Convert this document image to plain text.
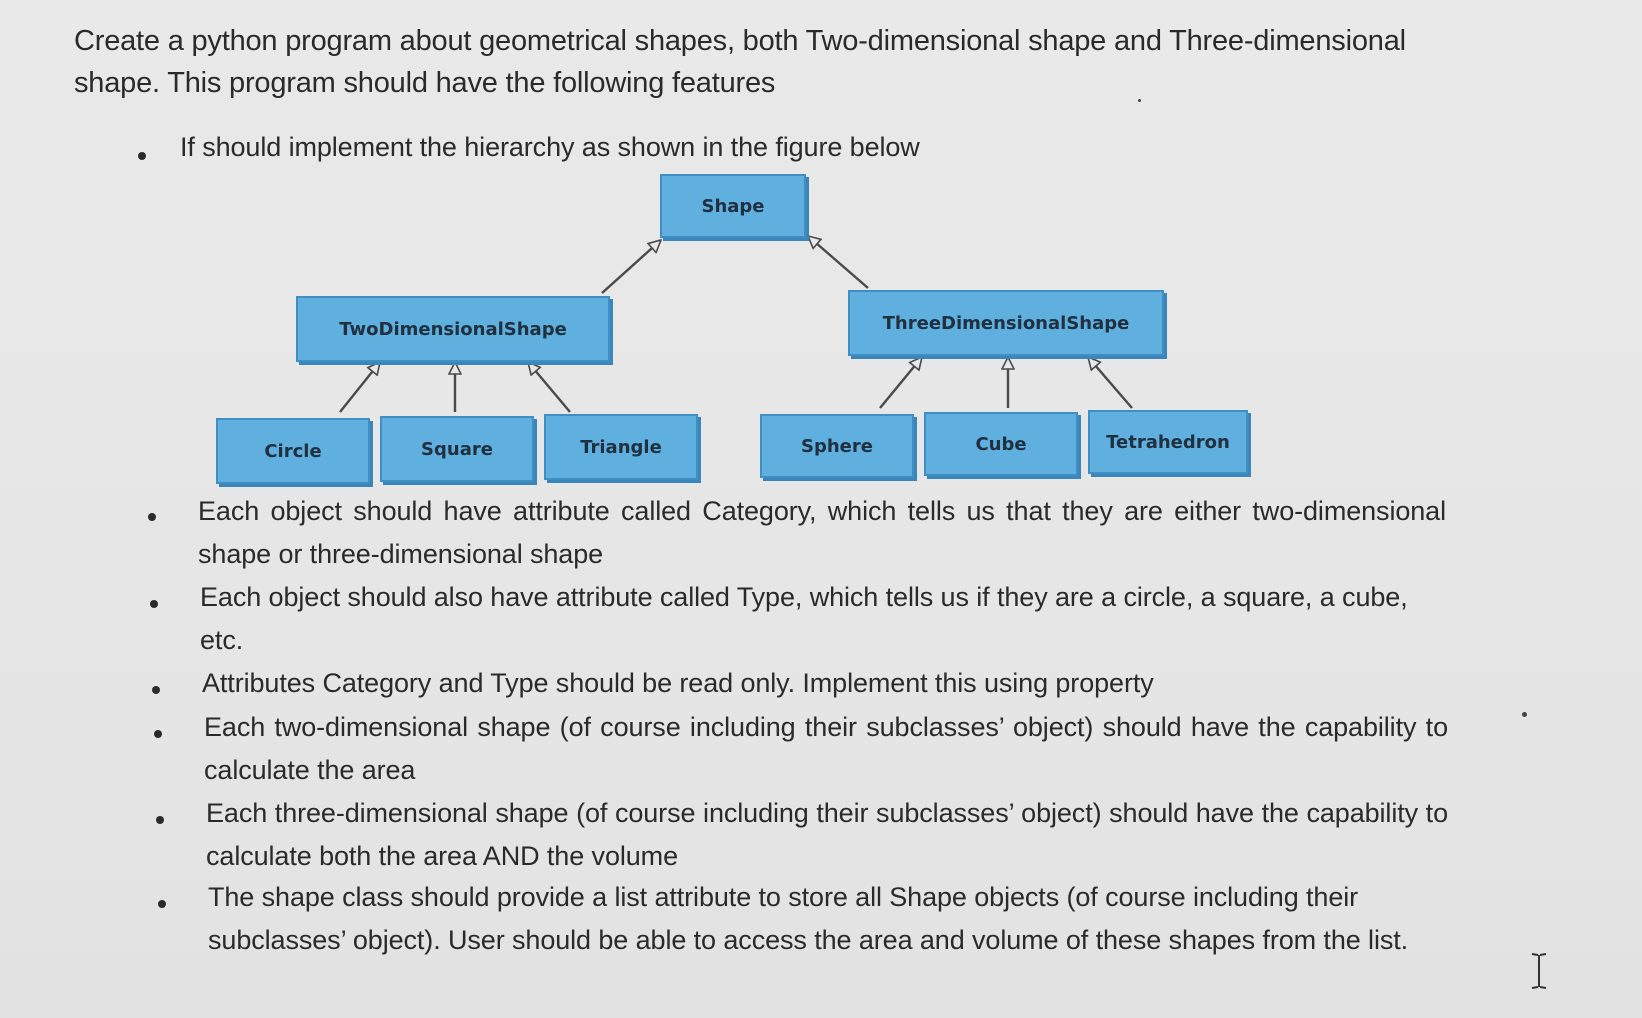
Create a python program about geometrical shapes, both Two-dimensional shape and Three-dimensional shape. This program should have the following features
If should implement the hierarchy as shown in the figure below
Shape
TwoDimensionalShape	ThreeDimensionalShape
Circle	Square	Triangle	Sphere	Cube	Tetrahedron
Each object should have attribute called Category, which tells us that they are either two-dimensional shape or three-dimensional shape
Each object should also have attribute called Type, which tells us if they are a circle, a square, a cube, etc.
Attributes Category and Type should be read only. Implement this using property
Each two-dimensional shape (of course including their subclasses’ object) should have the capability to calculate the area
Each three-dimensional shape (of course including their subclasses’ object) should have the capability to calculate both the area AND the volume
The shape class should provide a list attribute to store all Shape objects (of course including their subclasses’ object). User should be able to access the area and volume of these shapes from the list.
